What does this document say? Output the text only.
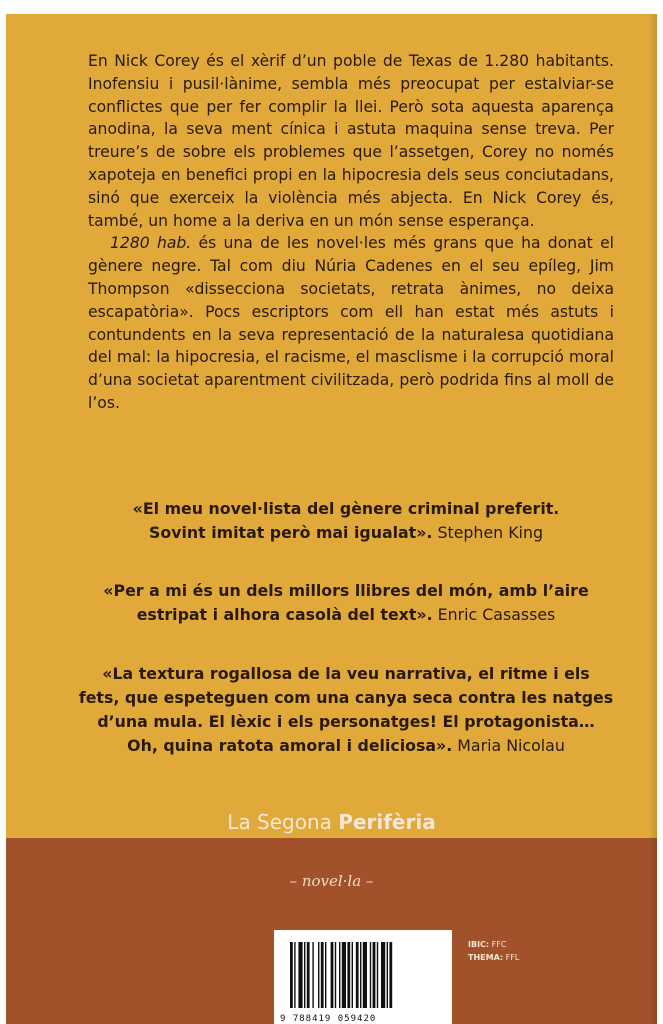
En Nick Corey és el xèrif d’un poble de Texas de 1.280 habitants. Inofensiu i pusil·lànime, sembla més preocupat per estalviar-se conflictes que per fer complir la llei. Però sota aquesta aparença anodina, la seva ment cínica i astuta maquina sense treva. Per treure’s de sobre els problemes que l’assetgen, Corey no només xapoteja en benefici propi en la hipocresia dels seus conciutadans, sinó que exerceix la violència més abjecta. En Nick Corey és, també, un home a la deriva en un món sense esperança.

1280 hab. és una de les novel·les més grans que ha donat el gènere negre. Tal com diu Núria Cadenes en el seu epíleg, Jim Thompson «dissecciona societats, retrata ànimes, no deixa escapatòria». Pocs escriptors com ell han estat més astuts i contundents en la seva representació de la naturalesa quotidiana del mal: la hipocresia, el racisme, el masclisme i la corrupció moral d’una societat aparentment civilitzada, però podrida fins al moll de l’os.

«El meu novel·lista del gènere criminal preferit.
Sovint imitat però mai igualat». Stephen King
«Per a mi és un dels millors llibres del món, amb l’aire
estripat i alhora casolà del text». Enric Casasses
«La textura rogallosa de la veu narrativa, el ritme i els
fets, que espeteguen com una canya seca contra les natges
d’una mula. El lèxic i els personatges! El protagonista…
Oh, quina ratota amoral i deliciosa». Maria Nicolau
La Segona Perifèria
– novel·la –
9 788419 059420
IBIC: FFC
THEMA: FFL
